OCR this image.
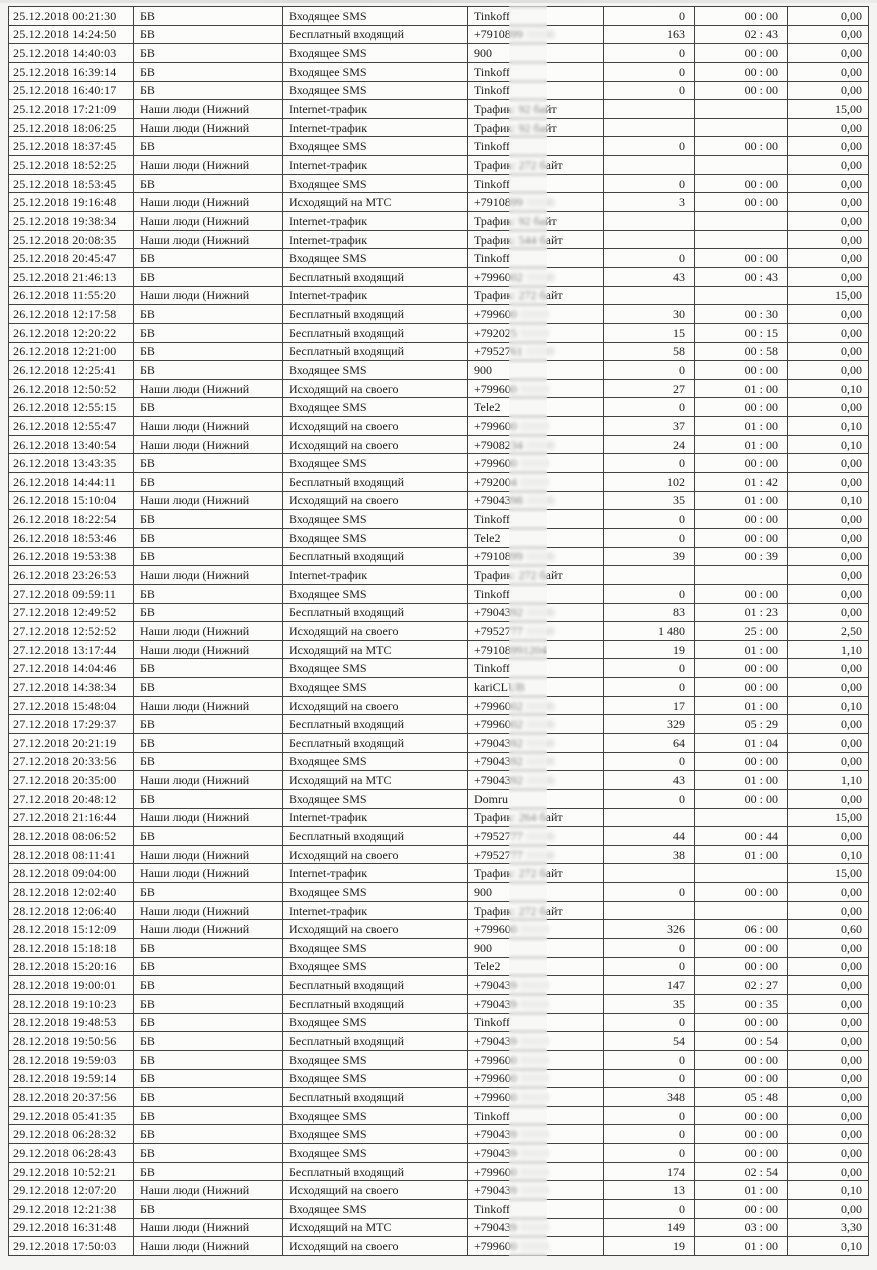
25.12.2018 00:21:30	БВ	Входящее SMS	Tinkoff	0	00 : 00	0,00
25.12.2018 14:24:50	БВ	Бесплатный входящий	+7910899 0000	163	02 : 43	0,00
25.12.2018 14:40:03	БВ	Входящее SMS	900	0	00 : 00	0,00
25.12.2018 16:39:14	БВ	Входящее SMS	Tinkoff	0	00 : 00	0,00
25.12.2018 16:40:17	БВ	Входящее SMS	Tinkoff	0	00 : 00	0,00
25.12.2018 17:21:09	Наши люди (Нижний	Internet-трафик	Трафик: 92 байт			15,00
25.12.2018 18:06:25	Наши люди (Нижний	Internet-трафик	Трафик: 92 байт			0,00
25.12.2018 18:37:45	БВ	Входящее SMS	Tinkoff	0	00 : 00	0,00
25.12.2018 18:52:25	Наши люди (Нижний	Internet-трафик	Трафик: 272 байт			0,00
25.12.2018 18:53:45	БВ	Входящее SMS	Tinkoff	0	00 : 00	0,00
25.12.2018 19:16:48	Наши люди (Нижний	Исходящий на МТС	+7910899 0000	3	00 : 00	0,00
25.12.2018 19:38:34	Наши люди (Нижний	Internet-трафик	Трафик: 92 байт			0,00
25.12.2018 20:08:35	Наши люди (Нижний	Internet-трафик	Трафик: 544 байт			0,00
25.12.2018 20:45:47	БВ	Входящее SMS	Tinkoff	0	00 : 00	0,00
25.12.2018 21:46:13	БВ	Бесплатный входящий	+7996002 0000	43	00 : 43	0,00
26.12.2018 11:55:20	Наши люди (Нижний	Internet-трафик	Трафик: 272 байт			15,00
26.12.2018 12:17:58	БВ	Бесплатный входящий	+799600 0000	30	00 : 30	0,00
26.12.2018 12:20:22	БВ	Бесплатный входящий	+792025 0000	15	00 : 15	0,00
26.12.2018 12:21:00	БВ	Бесплатный входящий	+7952761 0000	58	00 : 58	0,00
26.12.2018 12:25:41	БВ	Входящее SMS	900	0	00 : 00	0,00
26.12.2018 12:50:52	Наши люди (Нижний	Исходящий на своего	+799600 0000	27	01 : 00	0,10
26.12.2018 12:55:15	БВ	Входящее SMS	Tele2	0	00 : 00	0,00
26.12.2018 12:55:47	Наши люди (Нижний	Исходящий на своего	+799600 0000	37	01 : 00	0,10
26.12.2018 13:40:54	Наши люди (Нижний	Исходящий на своего	+7908234 0000	24	01 : 00	0,10
26.12.2018 13:43:35	БВ	Входящее SMS	+799600 0000	0	00 : 00	0,00
26.12.2018 14:44:11	БВ	Бесплатный входящий	+792004 0000	102	01 : 42	0,00
26.12.2018 15:10:04	Наши люди (Нижний	Исходящий на своего	+7904398 0000	35	01 : 00	0,10
26.12.2018 18:22:54	БВ	Входящее SMS	Tinkoff	0	00 : 00	0,00
26.12.2018 18:53:46	БВ	Входящее SMS	Tele2	0	00 : 00	0,00
26.12.2018 19:53:38	БВ	Бесплатный входящий	+7910899 0000	39	00 : 39	0,00
26.12.2018 23:26:53	Наши люди (Нижний	Internet-трафик	Трафик: 272 байт			0,00
27.12.2018 09:59:11	БВ	Входящее SMS	Tinkoff	0	00 : 00	0,00
27.12.2018 12:49:52	БВ	Бесплатный входящий	+7904392 0000	83	01 : 23	0,00
27.12.2018 12:52:52	Наши люди (Нижний	Исходящий на своего	+7952777 0000	1 480	25 : 00	2,50
27.12.2018 13:17:44	Наши люди (Нижний	Исходящий на МТС	+79108991204	19	01 : 00	1,10
27.12.2018 14:04:46	БВ	Входящее SMS	Tinkoff	0	00 : 00	0,00
27.12.2018 14:38:34	БВ	Входящее SMS	kariCLUB	0	00 : 00	0,00
27.12.2018 15:48:04	Наши люди (Нижний	Исходящий на своего	+7996002 0000	17	01 : 00	0,10
27.12.2018 17:29:37	БВ	Бесплатный входящий	+7996002 0000	329	05 : 29	0,00
27.12.2018 20:21:19	БВ	Бесплатный входящий	+7904392 0000	64	01 : 04	0,00
27.12.2018 20:33:56	БВ	Входящее SMS	+7904392 0000	0	00 : 00	0,00
27.12.2018 20:35:00	Наши люди (Нижний	Исходящий на МТС	+7904392 0000	43	01 : 00	1,10
27.12.2018 20:48:12	БВ	Входящее SMS	Domru	0	00 : 00	0,00
27.12.2018 21:16:44	Наши люди (Нижний	Internet-трафик	Трафик: 264 байт			15,00
28.12.2018 08:06:52	БВ	Бесплатный входящий	+7952777 0000	44	00 : 44	0,00
28.12.2018 08:11:41	Наши люди (Нижний	Исходящий на своего	+7952777 0000	38	01 : 00	0,10
28.12.2018 09:04:00	Наши люди (Нижний	Internet-трафик	Трафик: 272 байт			15,00
28.12.2018 12:02:40	БВ	Входящее SMS	900	0	00 : 00	0,00
28.12.2018 12:06:40	Наши люди (Нижний	Internet-трафик	Трафик: 272 байт			0,00
28.12.2018 15:12:09	Наши люди (Нижний	Исходящий на своего	+799600 0000	326	06 : 00	0,60
28.12.2018 15:18:18	БВ	Входящее SMS	900	0	00 : 00	0,00
28.12.2018 15:20:16	БВ	Входящее SMS	Tele2	0	00 : 00	0,00
28.12.2018 19:00:01	БВ	Бесплатный входящий	+790439 0000	147	02 : 27	0,00
28.12.2018 19:10:23	БВ	Бесплатный входящий	+790439 0000	35	00 : 35	0,00
28.12.2018 19:48:53	БВ	Входящее SMS	Tinkoff	0	00 : 00	0,00
28.12.2018 19:50:56	БВ	Бесплатный входящий	+790439 0000	54	00 : 54	0,00
28.12.2018 19:59:03	БВ	Входящее SMS	+799600 0000	0	00 : 00	0,00
28.12.2018 19:59:14	БВ	Входящее SMS	+799600 0000	0	00 : 00	0,00
28.12.2018 20:37:56	БВ	Бесплатный входящий	+799600 0000	348	05 : 48	0,00
29.12.2018 05:41:35	БВ	Входящее SMS	Tinkoff	0	00 : 00	0,00
29.12.2018 06:28:32	БВ	Входящее SMS	+790439 0000	0	00 : 00	0,00
29.12.2018 06:28:43	БВ	Входящее SMS	+790439 0000	0	00 : 00	0,00
29.12.2018 10:52:21	БВ	Бесплатный входящий	+799600 0000	174	02 : 54	0,00
29.12.2018 12:07:20	Наши люди (Нижний	Исходящий на своего	+790439 0000	13	01 : 00	0,10
29.12.2018 12:21:38	БВ	Входящее SMS	Tinkoff	0	00 : 00	0,00
29.12.2018 16:31:48	Наши люди (Нижний	Исходящий на МТС	+790439 0000	149	03 : 00	3,30
29.12.2018 17:50:03	Наши люди (Нижний	Исходящий на своего	+799600 0000	19	01 : 00	0,10
